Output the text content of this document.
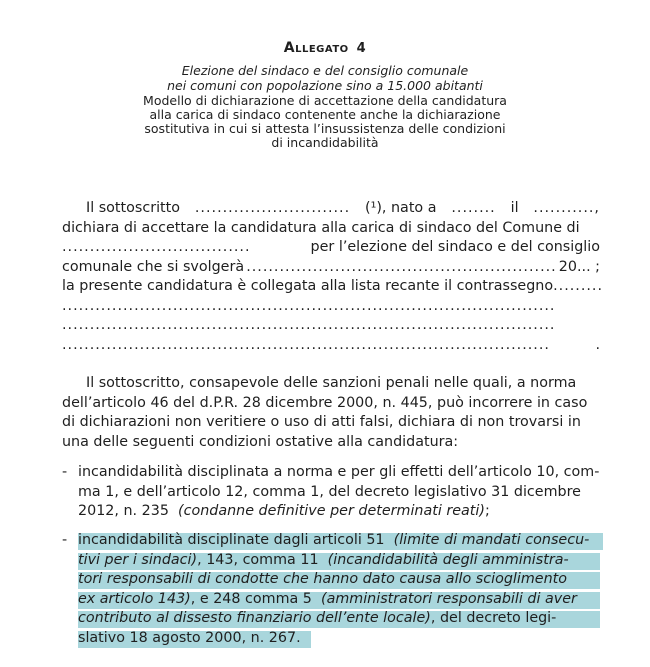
Allegato 4
Elezione del sindaco e del consiglio comunale
nei comuni con popolazione sino a 15.000 abitanti
Modello di dichiarazione di accettazione della candidatura
alla carica di sindaco contenente anche la dichiarazione
sostitutiva in cui si attesta l’insussistenza delle condizioni
di incandidabilità
Il sottoscritto ............................ (¹), nato a ........ il ...........,
dichiara di accettare la candidatura alla carica di sindaco del Comune di
..................................	per l’elezione del sindaco e del consiglio
comunale che si svolgerà ........................................................ 20... ;
la presente candidatura è collegata alla lista recante il contrassegno .........
.........................................................................................
.........................................................................................
........................................................................................	.
Il sottoscritto, consapevole delle sanzioni penali nelle quali, a norma
dell’articolo 46 del d.P.R. 28 dicembre 2000, n. 445, può incorrere in caso
di dichiarazioni non veritiere o uso di atti falsi, dichiara di non trovarsi in
una delle seguenti condizioni ostative alla candidatura:
- incandidabilità disciplinata a norma e per gli effetti dell’articolo 10, com-
ma 1, e dell’articolo 12, comma 1, del decreto legislativo 31 dicembre
2012, n. 235 (condanne definitive per determinati reati);
- incandidabilità disciplinate dagli articoli 51 (limite di mandati consecu-
tivi per i sindaci), 143, comma 11 (incandidabilità degli amministra-
tori responsabili di condotte che hanno dato causa allo scioglimento
ex articolo 143), e 248 comma 5 (amministratori responsabili di aver
contributo al dissesto finanziario dell’ente locale), del decreto legi-
slativo 18 agosto 2000, n. 267.
